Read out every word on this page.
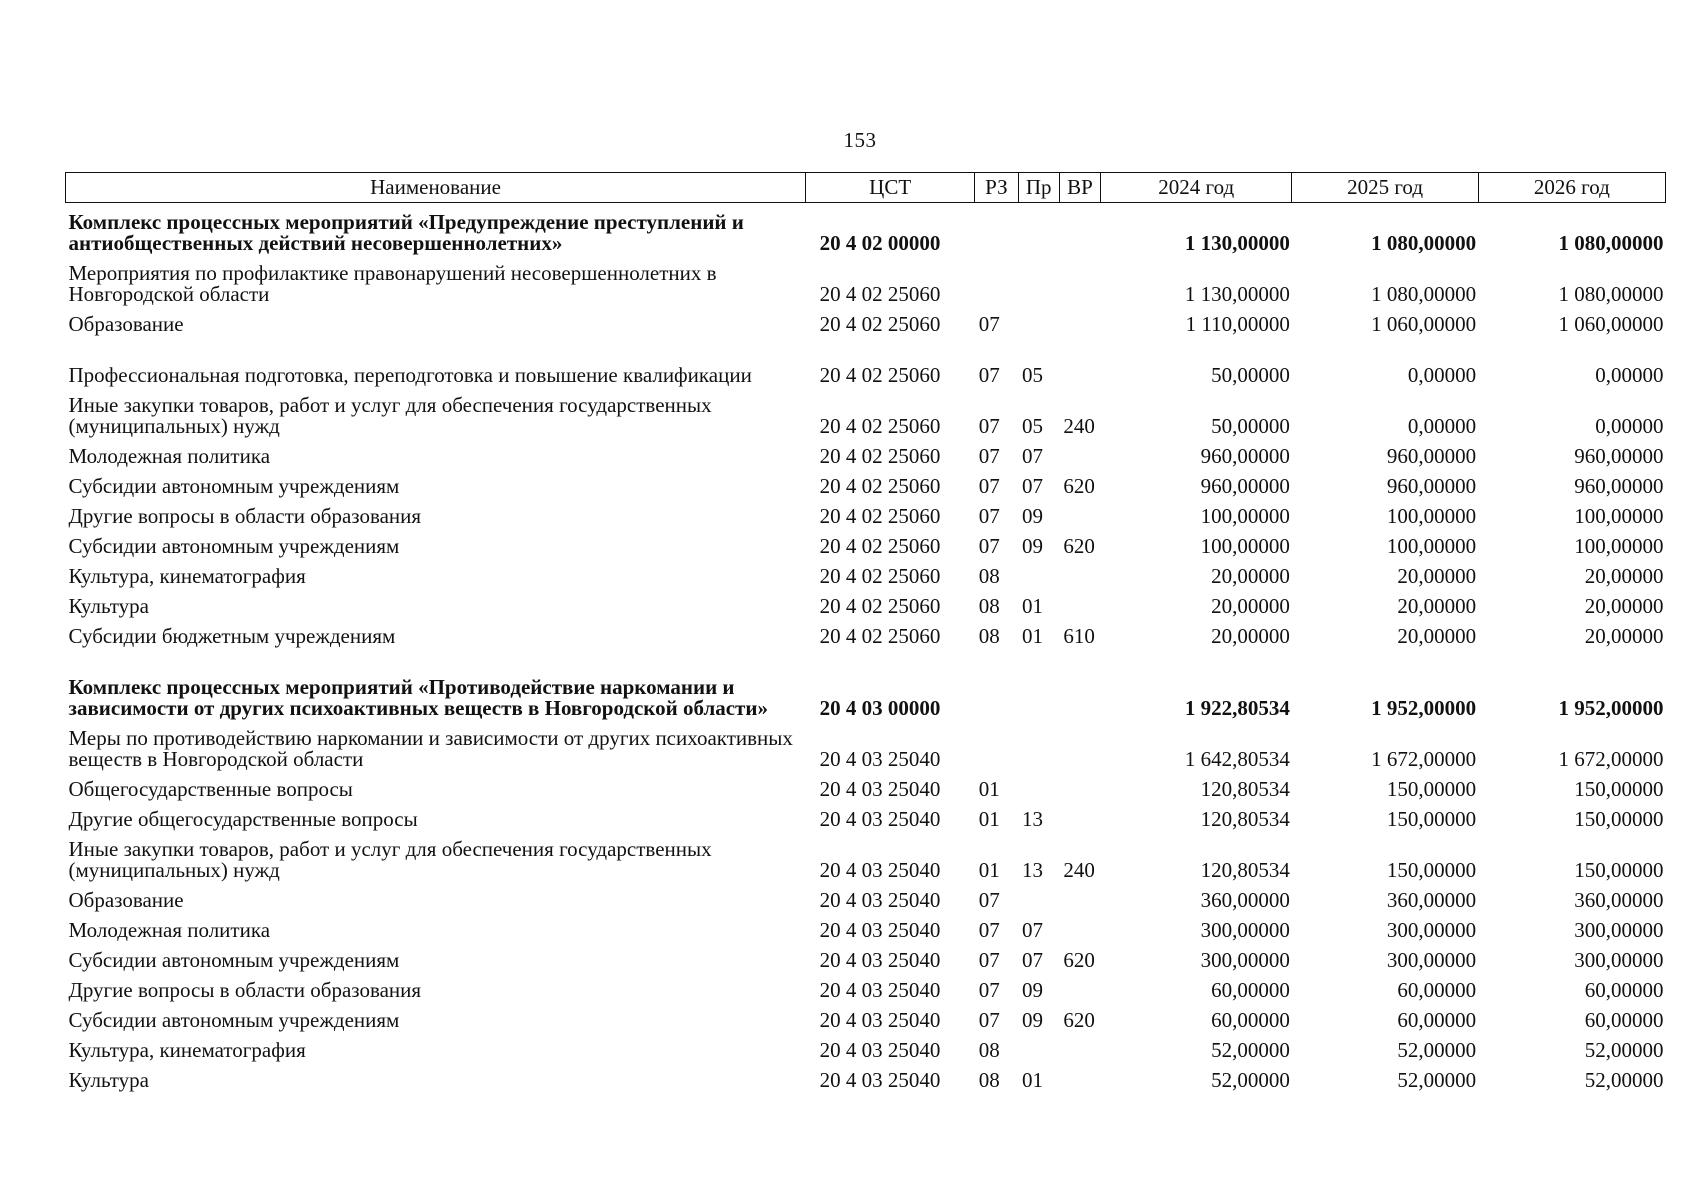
153
Наименование	ЦСТ	РЗ	Пр	ВР	2024 год	2025 год	2026 год
Комплекс процессных мероприятий «Предупреждение преступлений и антиобщественных действий несовершеннолетних»	20 4 02 00000				1 130,00000	1 080,00000	1 080,00000
Мероприятия по профилактике правонарушений несовершеннолетних в Новгородской области	20 4 02 25060				1 130,00000	1 080,00000	1 080,00000
Образование	20 4 02 25060	07			1 110,00000	1 060,00000	1 060,00000
Профессиональная подготовка, переподготовка и повышение квалификации	20 4 02 25060	07	05		50,00000	0,00000	0,00000
Иные закупки товаров, работ и услуг для обеспечения государственных (муниципальных) нужд	20 4 02 25060	07	05	240	50,00000	0,00000	0,00000
Молодежная политика	20 4 02 25060	07	07		960,00000	960,00000	960,00000
Субсидии автономным учреждениям	20 4 02 25060	07	07	620	960,00000	960,00000	960,00000
Другие вопросы в области образования	20 4 02 25060	07	09		100,00000	100,00000	100,00000
Субсидии автономным учреждениям	20 4 02 25060	07	09	620	100,00000	100,00000	100,00000
Культура, кинематография	20 4 02 25060	08			20,00000	20,00000	20,00000
Культура	20 4 02 25060	08	01		20,00000	20,00000	20,00000
Субсидии бюджетным учреждениям	20 4 02 25060	08	01	610	20,00000	20,00000	20,00000
Комплекс процессных мероприятий «Противодействие наркомании и зависимости от других психоактивных веществ в Новгородской области»	20 4 03 00000				1 922,80534	1 952,00000	1 952,00000
Меры по противодействию наркомании и зависимости от других психоактивных веществ в Новгородской области	20 4 03 25040				1 642,80534	1 672,00000	1 672,00000
Общегосударственные вопросы	20 4 03 25040	01			120,80534	150,00000	150,00000
Другие общегосударственные вопросы	20 4 03 25040	01	13		120,80534	150,00000	150,00000
Иные закупки товаров, работ и услуг для обеспечения государственных (муниципальных) нужд	20 4 03 25040	01	13	240	120,80534	150,00000	150,00000
Образование	20 4 03 25040	07			360,00000	360,00000	360,00000
Молодежная политика	20 4 03 25040	07	07		300,00000	300,00000	300,00000
Субсидии автономным учреждениям	20 4 03 25040	07	07	620	300,00000	300,00000	300,00000
Другие вопросы в области образования	20 4 03 25040	07	09		60,00000	60,00000	60,00000
Субсидии автономным учреждениям	20 4 03 25040	07	09	620	60,00000	60,00000	60,00000
Культура, кинематография	20 4 03 25040	08			52,00000	52,00000	52,00000
Культура	20 4 03 25040	08	01		52,00000	52,00000	52,00000
